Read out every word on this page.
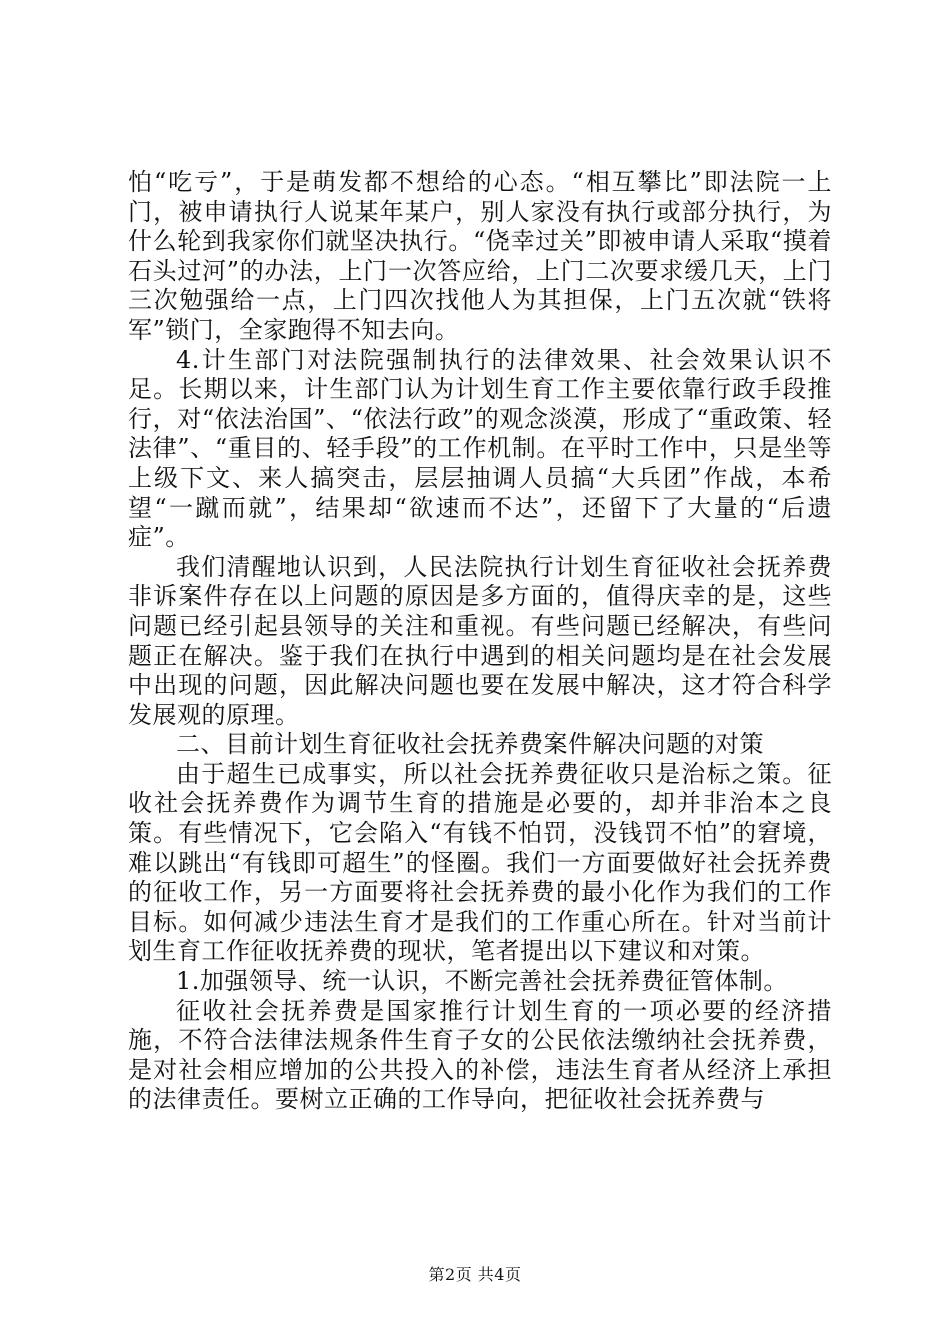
怕“吃亏”，于是萌发都不想给的心态。“相互攀比”即法院一上门，被申请执行人说某年某户，别人家没有执行或部分执行，为什么轮到我家你们就坚决执行。“侥幸过关”即被申请人采取“摸着石头过河”的办法，上门一次答应给，上门二次要求缓几天，上门三次勉强给一点，上门四次找他人为其担保，上门五次就“铁将军”锁门，全家跑得不知去向。

4.计生部门对法院强制执行的法律效果、社会效果认识不足。长期以来，计生部门认为计划生育工作主要依靠行政手段推行，对“依法治国”、“依法行政”的观念淡漠，形成了“重政策、轻法律”、“重目的、轻手段”的工作机制。在平时工作中，只是坐等上级下文、来人搞突击，层层抽调人员搞“大兵团”作战，本希望“一蹴而就”，结果却“欲速而不达”，还留下了大量的“后遗症”。

我们清醒地认识到，人民法院执行计划生育征收社会抚养费非诉案件存在以上问题的原因是多方面的，值得庆幸的是，这些问题已经引起县领导的关注和重视。有些问题已经解决，有些问题正在解决。鉴于我们在执行中遇到的相关问题均是在社会发展中出现的问题，因此解决问题也要在发展中解决，这才符合科学发展观的原理。

二、目前计划生育征收社会抚养费案件解决问题的对策

由于超生已成事实，所以社会抚养费征收只是治标之策。征收社会抚养费作为调节生育的措施是必要的，却并非治本之良策。有些情况下，它会陷入“有钱不怕罚，没钱罚不怕”的窘境，难以跳出“有钱即可超生”的怪圈。我们一方面要做好社会抚养费的征收工作，另一方面要将社会抚养费的最小化作为我们的工作目标。如何减少违法生育才是我们的工作重心所在。针对当前计划生育工作征收抚养费的现状，笔者提出以下建议和对策。

1.加强领导、统一认识，不断完善社会抚养费征管体制。

征收社会抚养费是国家推行计划生育的一项必要的经济措施，不符合法律法规条件生育子女的公民依法缴纳社会抚养费，是对社会相应增加的公共投入的补偿，违法生育者从经济上承担的法律责任。要树立正确的工作导向，把征收社会抚养费与

第2页 共4页
